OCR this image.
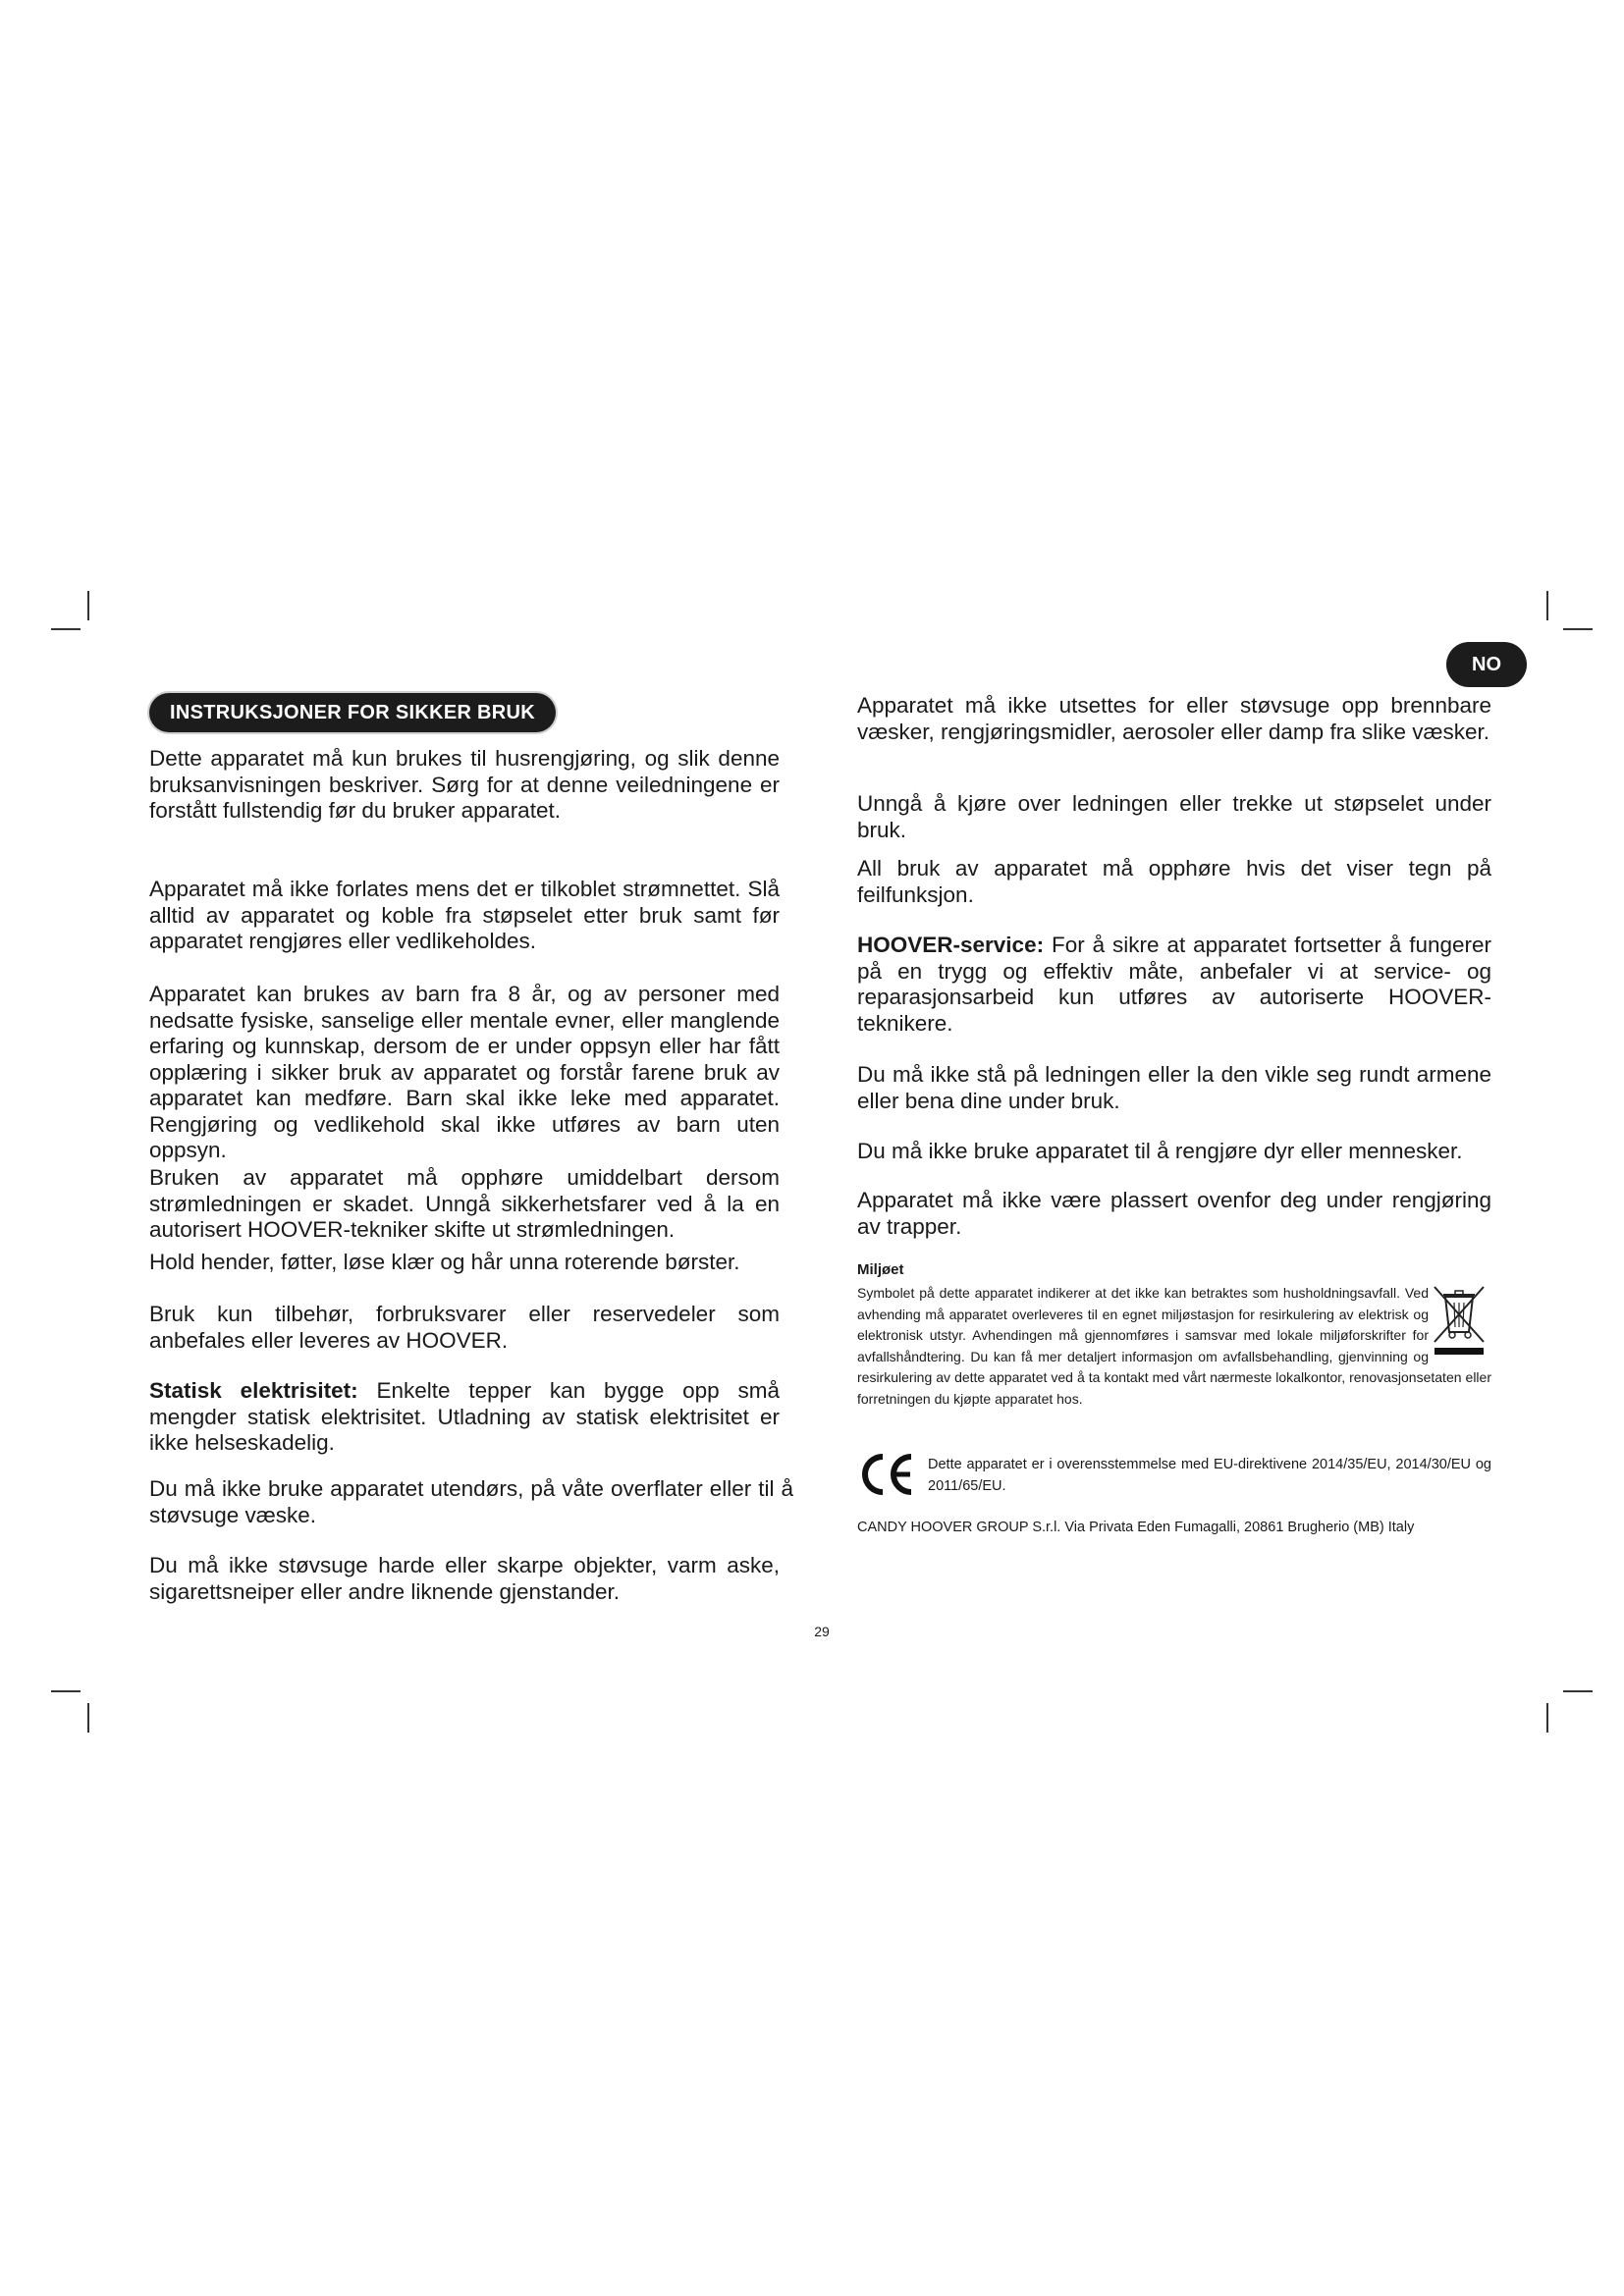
NO
INSTRUKSJONER FOR SIKKER BRUK

Dette apparatet må kun brukes til husrengjøring, og slik denne bruksanvisningen beskriver. Sørg for at denne veiledningene er forstått fullstendig før du bruker apparatet.

Apparatet må ikke forlates mens det er tilkoblet strømnettet. Slå alltid av apparatet og koble fra støpselet etter bruk samt før apparatet rengjøres eller vedlikeholdes.

Apparatet kan brukes av barn fra 8 år, og av personer med nedsatte fysiske, sanselige eller mentale evner, eller manglende erfaring og kunnskap, dersom de er under oppsyn eller har fått opplæring i sikker bruk av apparatet og forstår farene bruk av apparatet kan medføre. Barn skal ikke leke med apparatet. Rengjøring og vedlikehold skal ikke utføres av barn uten oppsyn.

Bruken av apparatet må opphøre umiddelbart dersom strømledningen er skadet. Unngå sikkerhetsfarer ved å la en autorisert HOOVER-tekniker skifte ut strømledningen.

Hold hender, føtter, løse klær og hår unna roterende børster.

Bruk kun tilbehør, forbruksvarer eller reservedeler som anbefales eller leveres av HOOVER.

Statisk elektrisitet: Enkelte tepper kan bygge opp små mengder statisk elektrisitet. Utladning av statisk elektrisitet er ikke helseskadelig.

Du må ikke bruke apparatet utendørs, på våte overflater eller til å støvsuge væske.

Du må ikke støvsuge harde eller skarpe objekter, varm aske, sigarettsneiper eller andre liknende gjenstander.

Apparatet må ikke utsettes for eller støvsuge opp brennbare væsker, rengjøringsmidler, aerosoler eller damp fra slike væsker.

Unngå å kjøre over ledningen eller trekke ut støpselet under bruk.

All bruk av apparatet må opphøre hvis det viser tegn på feilfunksjon.

HOOVER-service: For å sikre at apparatet fortsetter å fungerer på en trygg og effektiv måte, anbefaler vi at service- og reparasjonsarbeid kun utføres av autoriserte HOOVER-teknikere.

Du må ikke stå på ledningen eller la den vikle seg rundt armene eller bena dine under bruk.

Du må ikke bruke apparatet til å rengjøre dyr eller mennesker.

Apparatet må ikke være plassert ovenfor deg under rengjøring av trapper.

Miljøet
Symbolet på dette apparatet indikerer at det ikke kan betraktes som husholdningsavfall. Ved avhending må apparatet overleveres til en egnet miljøstasjon for resirkulering av elektrisk og elektronisk utstyr. Avhendingen må gjennomføres i samsvar med lokale miljøforskrifter for avfallshåndtering. Du kan få mer detaljert informasjon om avfallsbehandling, gjenvinning og resirkulering av dette apparatet ved å ta kontakt med vårt nærmeste lokalkontor, renovasjonsetaten eller forretningen du kjøpte apparatet hos.
Dette apparatet er i overensstemmelse med EU-direktivene 2014/35/EU, 2014/30/EU og 2011/65/EU.
CANDY HOOVER GROUP S.r.l. Via Privata Eden Fumagalli, 20861 Brugherio (MB) Italy
29
